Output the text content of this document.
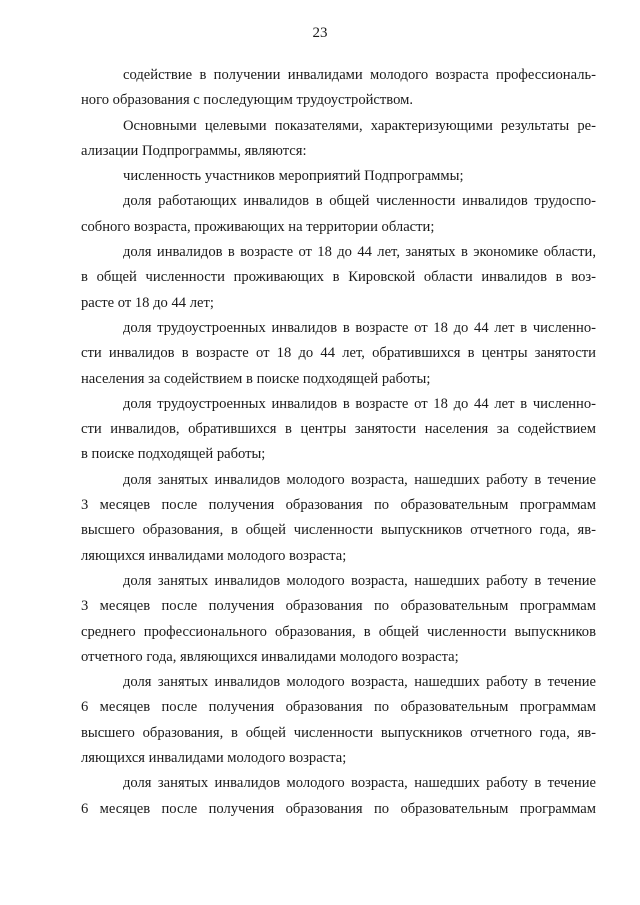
23
содействие в получении инвалидами молодого возраста профессиональ-
ного образования с последующим трудоустройством.
Основными целевыми показателями, характеризующими результаты ре-
ализации Подпрограммы, являются:
численность участников мероприятий Подпрограммы;
доля работающих инвалидов в общей численности инвалидов трудоспо-
собного возраста, проживающих на территории области;
доля инвалидов в возрасте от 18 до 44 лет, занятых в экономике области,
в общей численности проживающих в Кировской области инвалидов в воз-
расте от 18 до 44 лет;
доля трудоустроенных инвалидов в возрасте от 18 до 44 лет в численно-
сти инвалидов в возрасте от 18 до 44 лет, обратившихся в центры занятости
населения за содействием в поиске подходящей работы;
доля трудоустроенных инвалидов в возрасте от 18 до 44 лет в численно-
сти инвалидов, обратившихся в центры занятости населения за содействием
в поиске подходящей работы;
доля занятых инвалидов молодого возраста, нашедших работу в течение
3 месяцев после получения образования по образовательным программам
высшего образования, в общей численности выпускников отчетного года, яв-
ляющихся инвалидами молодого возраста;
доля занятых инвалидов молодого возраста, нашедших работу в течение
3 месяцев после получения образования по образовательным программам
среднего профессионального образования, в общей численности выпускников
отчетного года, являющихся инвалидами молодого возраста;
доля занятых инвалидов молодого возраста, нашедших работу в течение
6 месяцев после получения образования по образовательным программам
высшего образования, в общей численности выпускников отчетного года, яв-
ляющихся инвалидами молодого возраста;
доля занятых инвалидов молодого возраста, нашедших работу в течение
6 месяцев после получения образования по образовательным программам
